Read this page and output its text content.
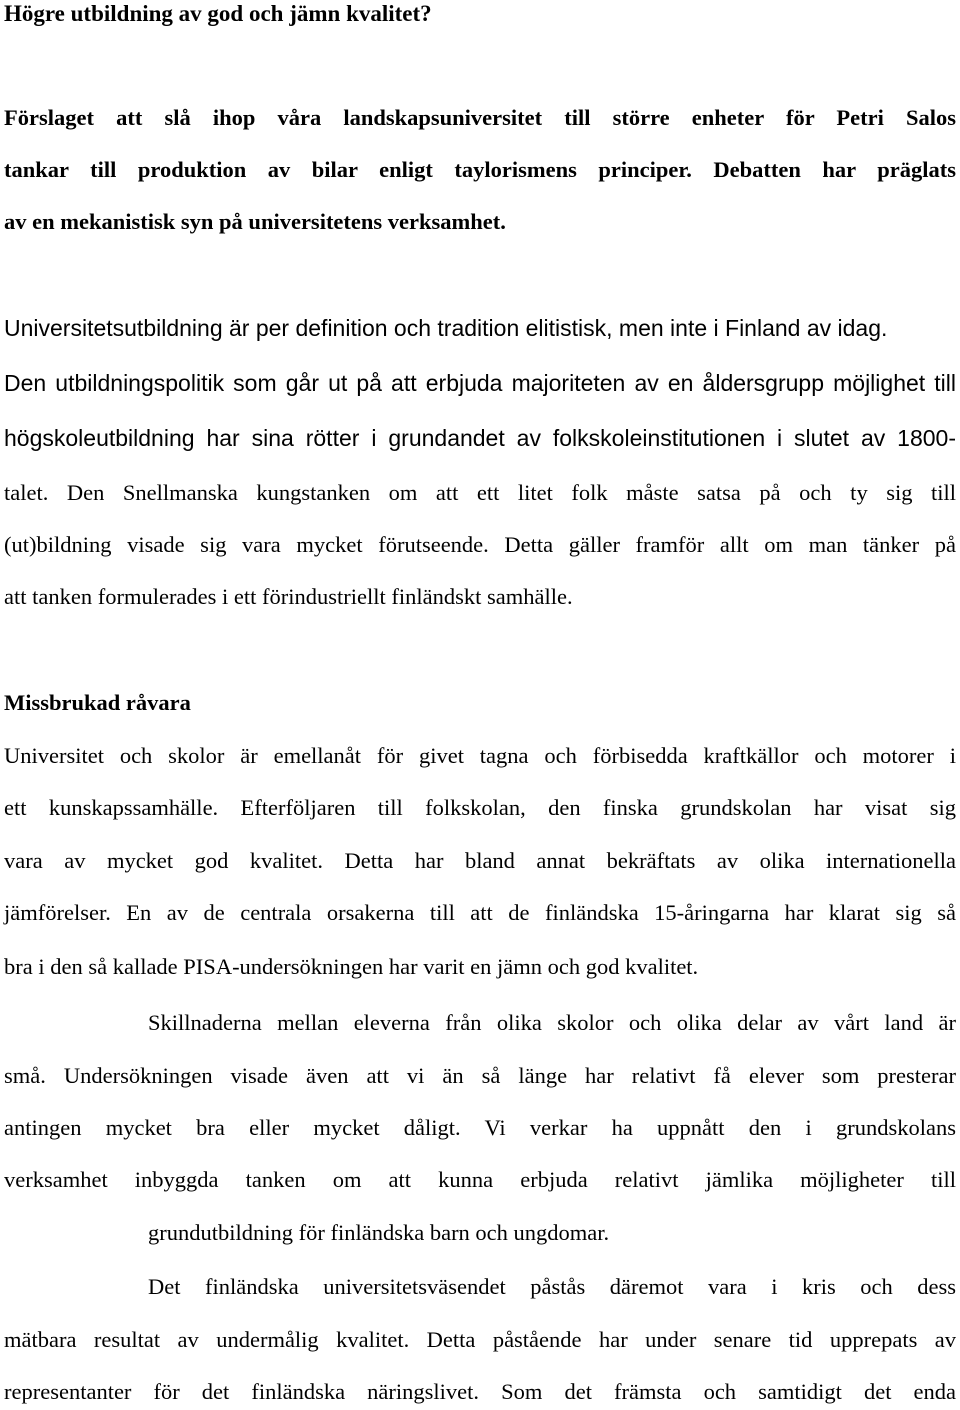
Högre utbildning av god och jämn kvalitet?
Förslaget att slå ihop våra landskapsuniversitet till större enheter för Petri Salos
tankar till produktion av bilar enligt taylorismens principer. Debatten har präglats
av en mekanistisk syn på universitetens verksamhet.
Universitetsutbildning är per definition och tradition elitistisk, men inte i Finland av idag.
Den utbildningspolitik som går ut på att erbjuda majoriteten av en åldersgrupp möjlighet till
högskoleutbildning har sina rötter i grundandet av folkskoleinstitutionen i slutet av 1800-
talet. Den Snellmanska kungstanken om att ett litet folk måste satsa på och ty sig till
(ut)bildning visade sig vara mycket förutseende. Detta gäller framför allt om man tänker på
att tanken formulerades i ett förindustriellt finländskt samhälle.
Missbrukad råvara
Universitet och skolor är emellanåt för givet tagna och förbisedda kraftkällor och motorer i
ett kunskapssamhälle. Efterföljaren till folkskolan, den finska grundskolan har visat sig
vara av mycket god kvalitet. Detta har bland annat bekräftats av olika internationella
jämförelser. En av de centrala orsakerna till att de finländska 15-åringarna har klarat sig så
bra i den så kallade PISA-undersökningen har varit en jämn och god kvalitet.
Skillnaderna mellan eleverna från olika skolor och olika delar av vårt land är
små. Undersökningen visade även att vi än så länge har relativt få elever som presterar
antingen mycket bra eller mycket dåligt. Vi verkar ha uppnått den i grundskolans
verksamhet inbyggda tanken om att kunna erbjuda relativt jämlika möjligheter till
grundutbildning för finländska barn och ungdomar.
Det finländska universitetsväsendet påstås däremot vara i kris och dess
mätbara resultat av undermålig kvalitet. Detta påstående har under senare tid upprepats av
representanter för det finländska näringslivet. Som det främsta och samtidigt det enda
